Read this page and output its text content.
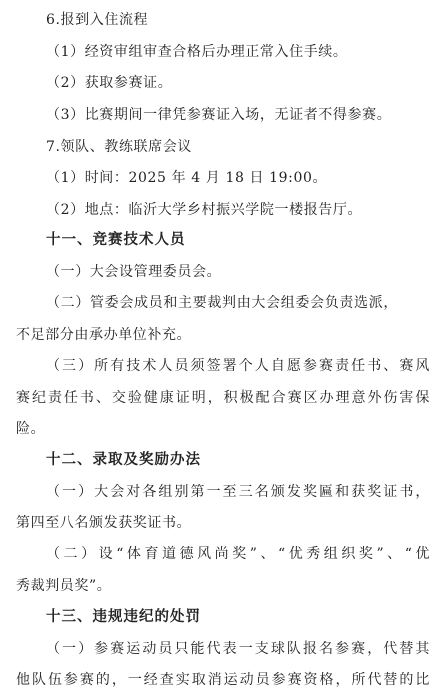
6.报到入住流程
（1）经资审组审查合格后办理正常入住手续。
（2）获取参赛证。
（3）比赛期间一律凭参赛证入场，无证者不得参赛。
7.领队、教练联席会议
（1）时间：2025 年 4 月 18 日 19:00。
（2）地点：临沂大学乡村振兴学院一楼报告厅。
十一、竞赛技术人员
（一）大会设管理委员会。
（二）管委会成员和主要裁判由大会组委会负责选派，
不足部分由承办单位补充。
（三）所有技术人员须签署个人自愿参赛责任书、赛风
赛纪责任书、交验健康证明，积极配合赛区办理意外伤害保
险。
十二、录取及奖励办法
（一）大会对各组别第一至三名颁发奖匾和获奖证书，
第四至八名颁发获奖证书。
（二）设“体育道德风尚奖”、“优秀组织奖”、“优
秀裁判员奖”。
十三、违规违纪的处罚
（一）参赛运动员只能代表一支球队报名参赛，代替其
他队伍参赛的，一经查实取消运动员参赛资格，所代替的比
